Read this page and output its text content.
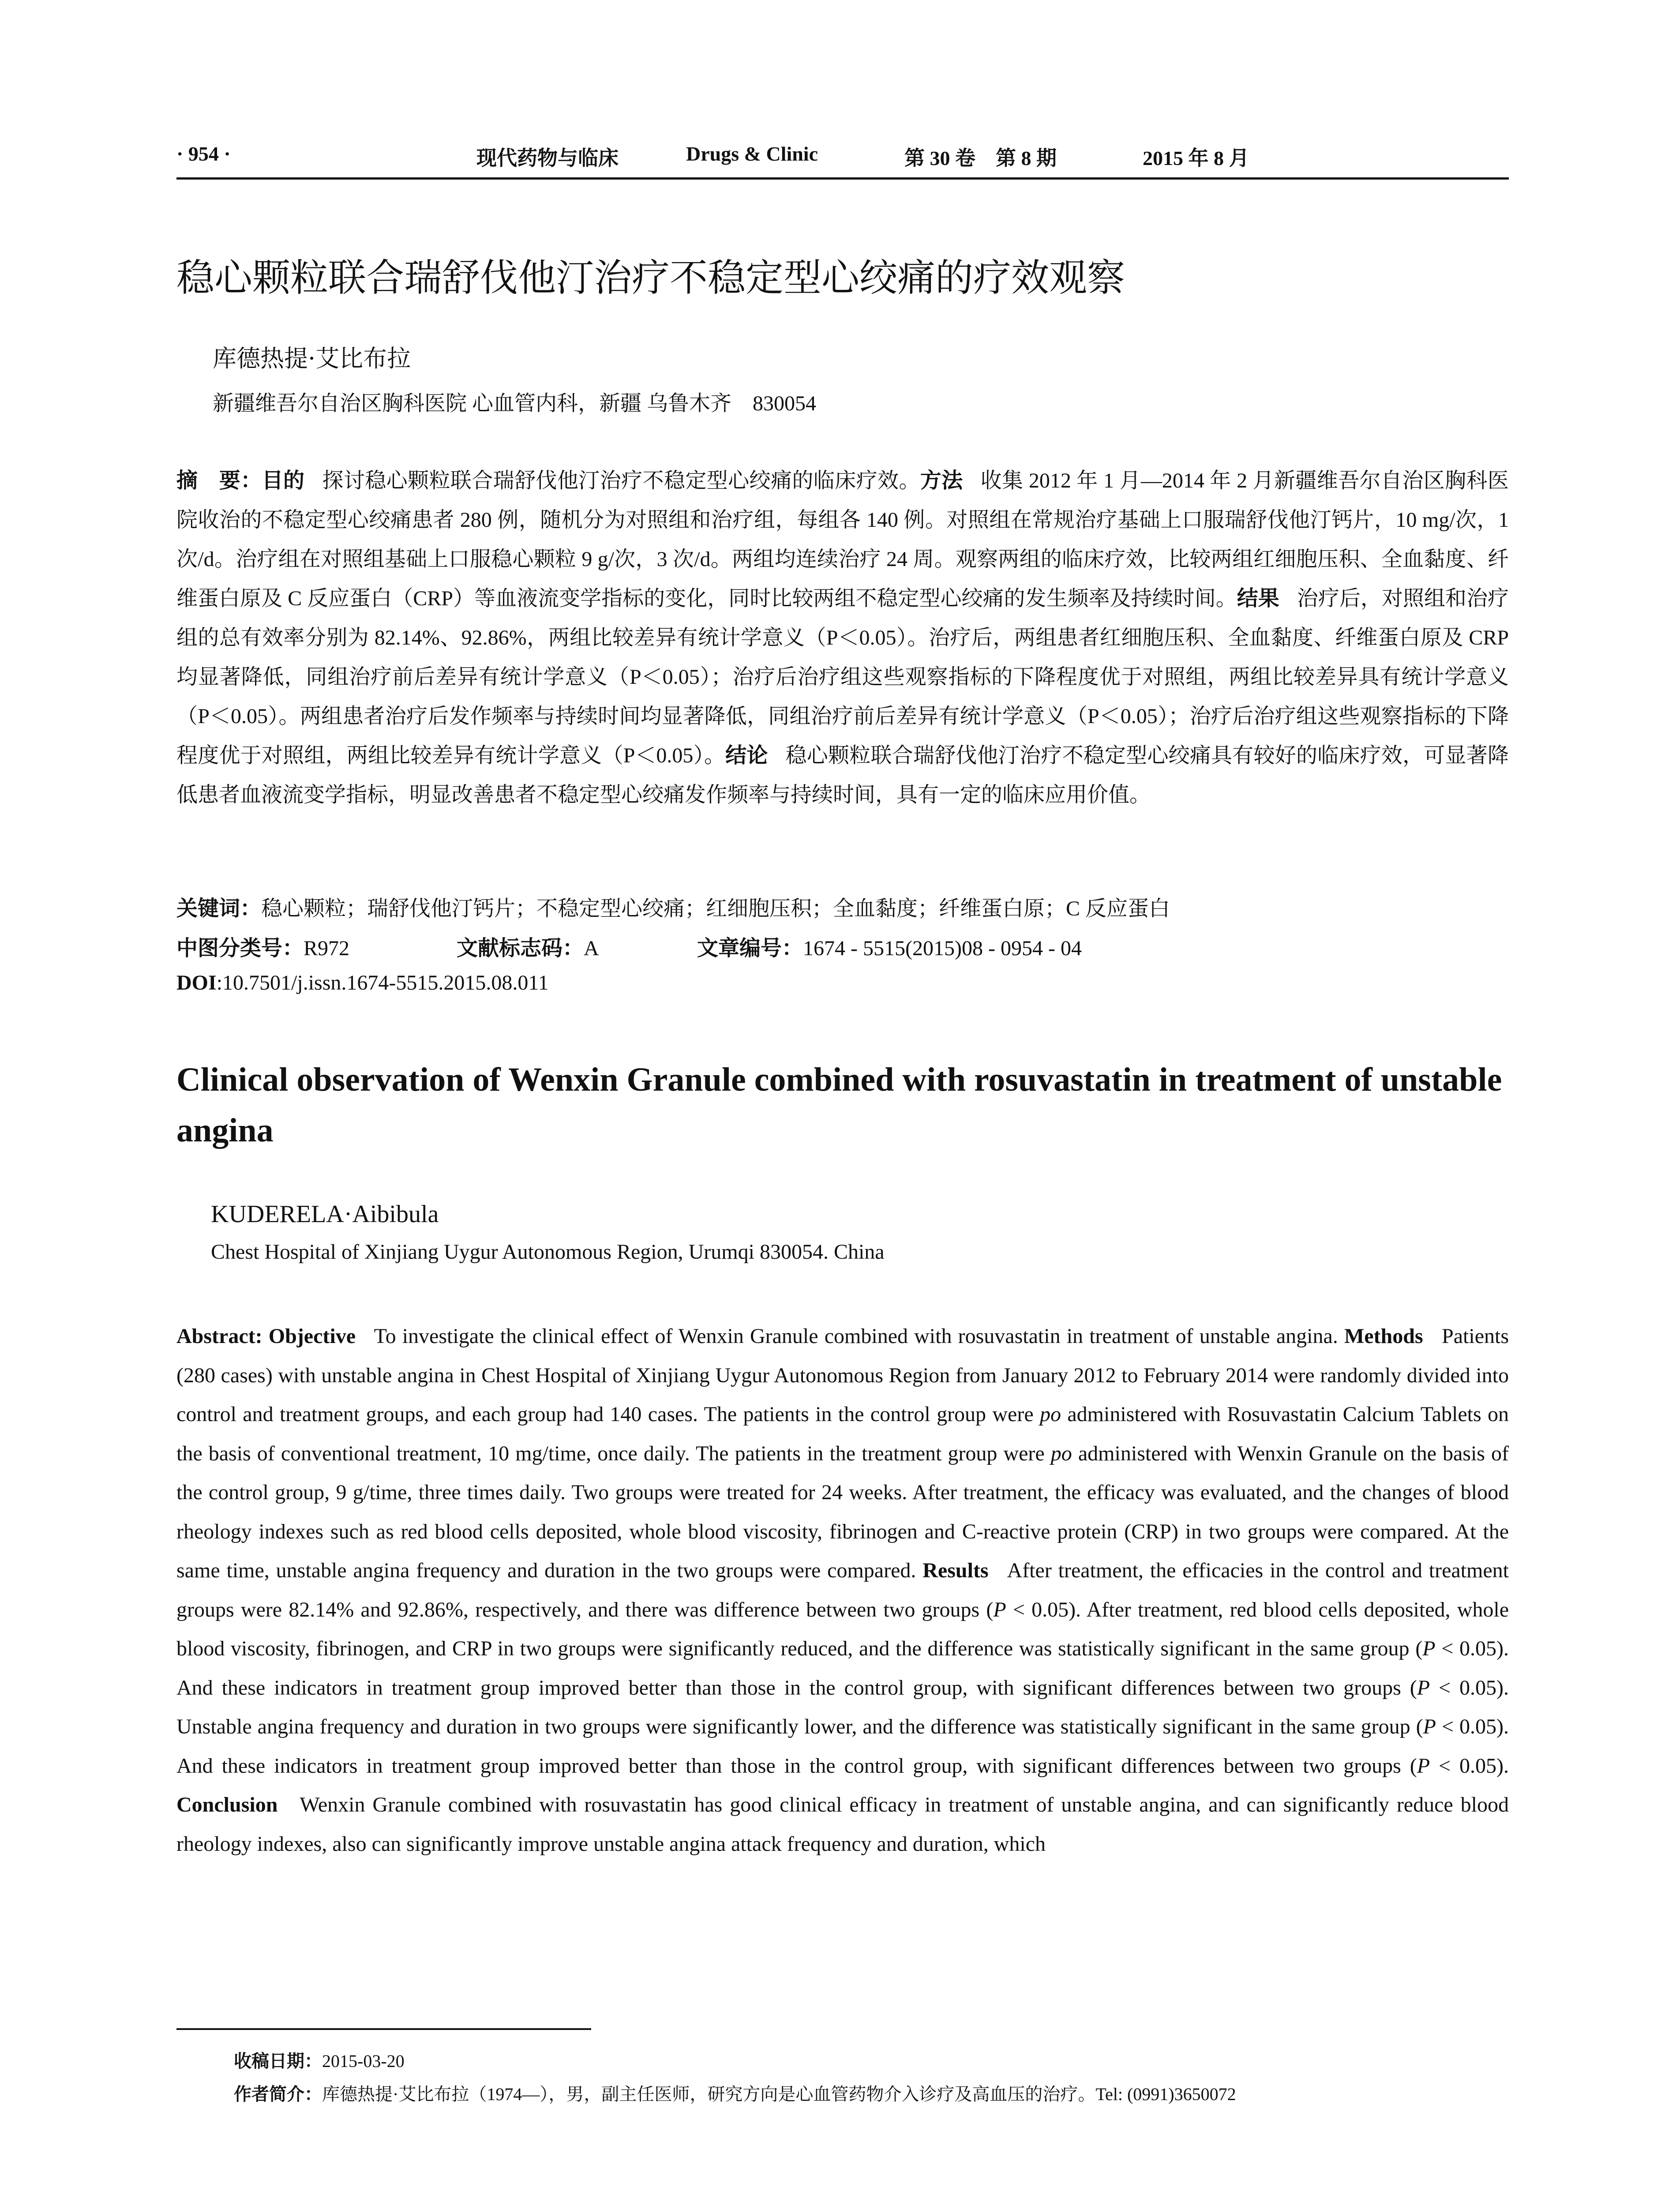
· 954 ·	现代药物与临床	Drugs & Clinic	第 30 卷　第 8 期	2015 年 8 月
稳心颗粒联合瑞舒伐他汀治疗不稳定型心绞痛的疗效观察
库德热提·艾比布拉
新疆维吾尔自治区胸科医院 心血管内科，新疆 乌鲁木齐　830054
摘　要：目的 探讨稳心颗粒联合瑞舒伐他汀治疗不稳定型心绞痛的临床疗效。方法 收集 2012 年 1 月—2014 年 2 月新疆维吾尔自治区胸科医院收治的不稳定型心绞痛患者 280 例，随机分为对照组和治疗组，每组各 140 例。对照组在常规治疗基础上口服瑞舒伐他汀钙片，10 mg/次，1 次/d。治疗组在对照组基础上口服稳心颗粒 9 g/次，3 次/d。两组均连续治疗 24 周。观察两组的临床疗效，比较两组红细胞压积、全血黏度、纤维蛋白原及 C 反应蛋白（CRP）等血液流变学指标的变化，同时比较两组不稳定型心绞痛的发生频率及持续时间。结果 治疗后，对照组和治疗组的总有效率分别为 82.14%、92.86%，两组比较差异有统计学意义（P＜0.05）。治疗后，两组患者红细胞压积、全血黏度、纤维蛋白原及 CRP 均显著降低，同组治疗前后差异有统计学意义（P＜0.05）；治疗后治疗组这些观察指标的下降程度优于对照组，两组比较差异具有统计学意义（P＜0.05）。两组患者治疗后发作频率与持续时间均显著降低，同组治疗前后差异有统计学意义（P＜0.05）；治疗后治疗组这些观察指标的下降程度优于对照组，两组比较差异有统计学意义（P＜0.05）。结论 稳心颗粒联合瑞舒伐他汀治疗不稳定型心绞痛具有较好的临床疗效，可显著降低患者血液流变学指标，明显改善患者不稳定型心绞痛发作频率与持续时间，具有一定的临床应用价值。
关键词：稳心颗粒；瑞舒伐他汀钙片；不稳定型心绞痛；红细胞压积；全血黏度；纤维蛋白原；C 反应蛋白
中图分类号：R972	文献标志码：A	文章编号：1674 - 5515(2015)08 - 0954 - 04
DOI:10.7501/j.issn.1674-5515.2015.08.011
Clinical observation of Wenxin Granule combined with rosuvastatin in treatment of unstable angina
KUDERELA·Aibibula
Chest Hospital of Xinjiang Uygur Autonomous Region, Urumqi 830054. China
Abstract: Objective To investigate the clinical effect of Wenxin Granule combined with rosuvastatin in treatment of unstable angina. Methods Patients (280 cases) with unstable angina in Chest Hospital of Xinjiang Uygur Autonomous Region from January 2012 to February 2014 were randomly divided into control and treatment groups, and each group had 140 cases. The patients in the control group were po administered with Rosuvastatin Calcium Tablets on the basis of conventional treatment, 10 mg/time, once daily. The patients in the treatment group were po administered with Wenxin Granule on the basis of the control group, 9 g/time, three times daily. Two groups were treated for 24 weeks. After treatment, the efficacy was evaluated, and the changes of blood rheology indexes such as red blood cells deposited, whole blood viscosity, fibrinogen and C-reactive protein (CRP) in two groups were compared. At the same time, unstable angina frequency and duration in the two groups were compared. Results After treatment, the efficacies in the control and treatment groups were 82.14% and 92.86%, respectively, and there was difference between two groups (P < 0.05). After treatment, red blood cells deposited, whole blood viscosity, fibrinogen, and CRP in two groups were significantly reduced, and the difference was statistically significant in the same group (P < 0.05). And these indicators in treatment group improved better than those in the control group, with significant differences between two groups (P < 0.05). Unstable angina frequency and duration in two groups were significantly lower, and the difference was statistically significant in the same group (P < 0.05). And these indicators in treatment group improved better than those in the control group, with significant differences between two groups (P < 0.05). Conclusion Wenxin Granule combined with rosuvastatin has good clinical efficacy in treatment of unstable angina, and can significantly reduce blood rheology indexes, also can significantly improve unstable angina attack frequency and duration, which
收稿日期：2015-03-20
作者简介：库德热提·艾比布拉（1974—），男，副主任医师，研究方向是心血管药物介入诊疗及高血压的治疗。Tel: (0991)3650072
